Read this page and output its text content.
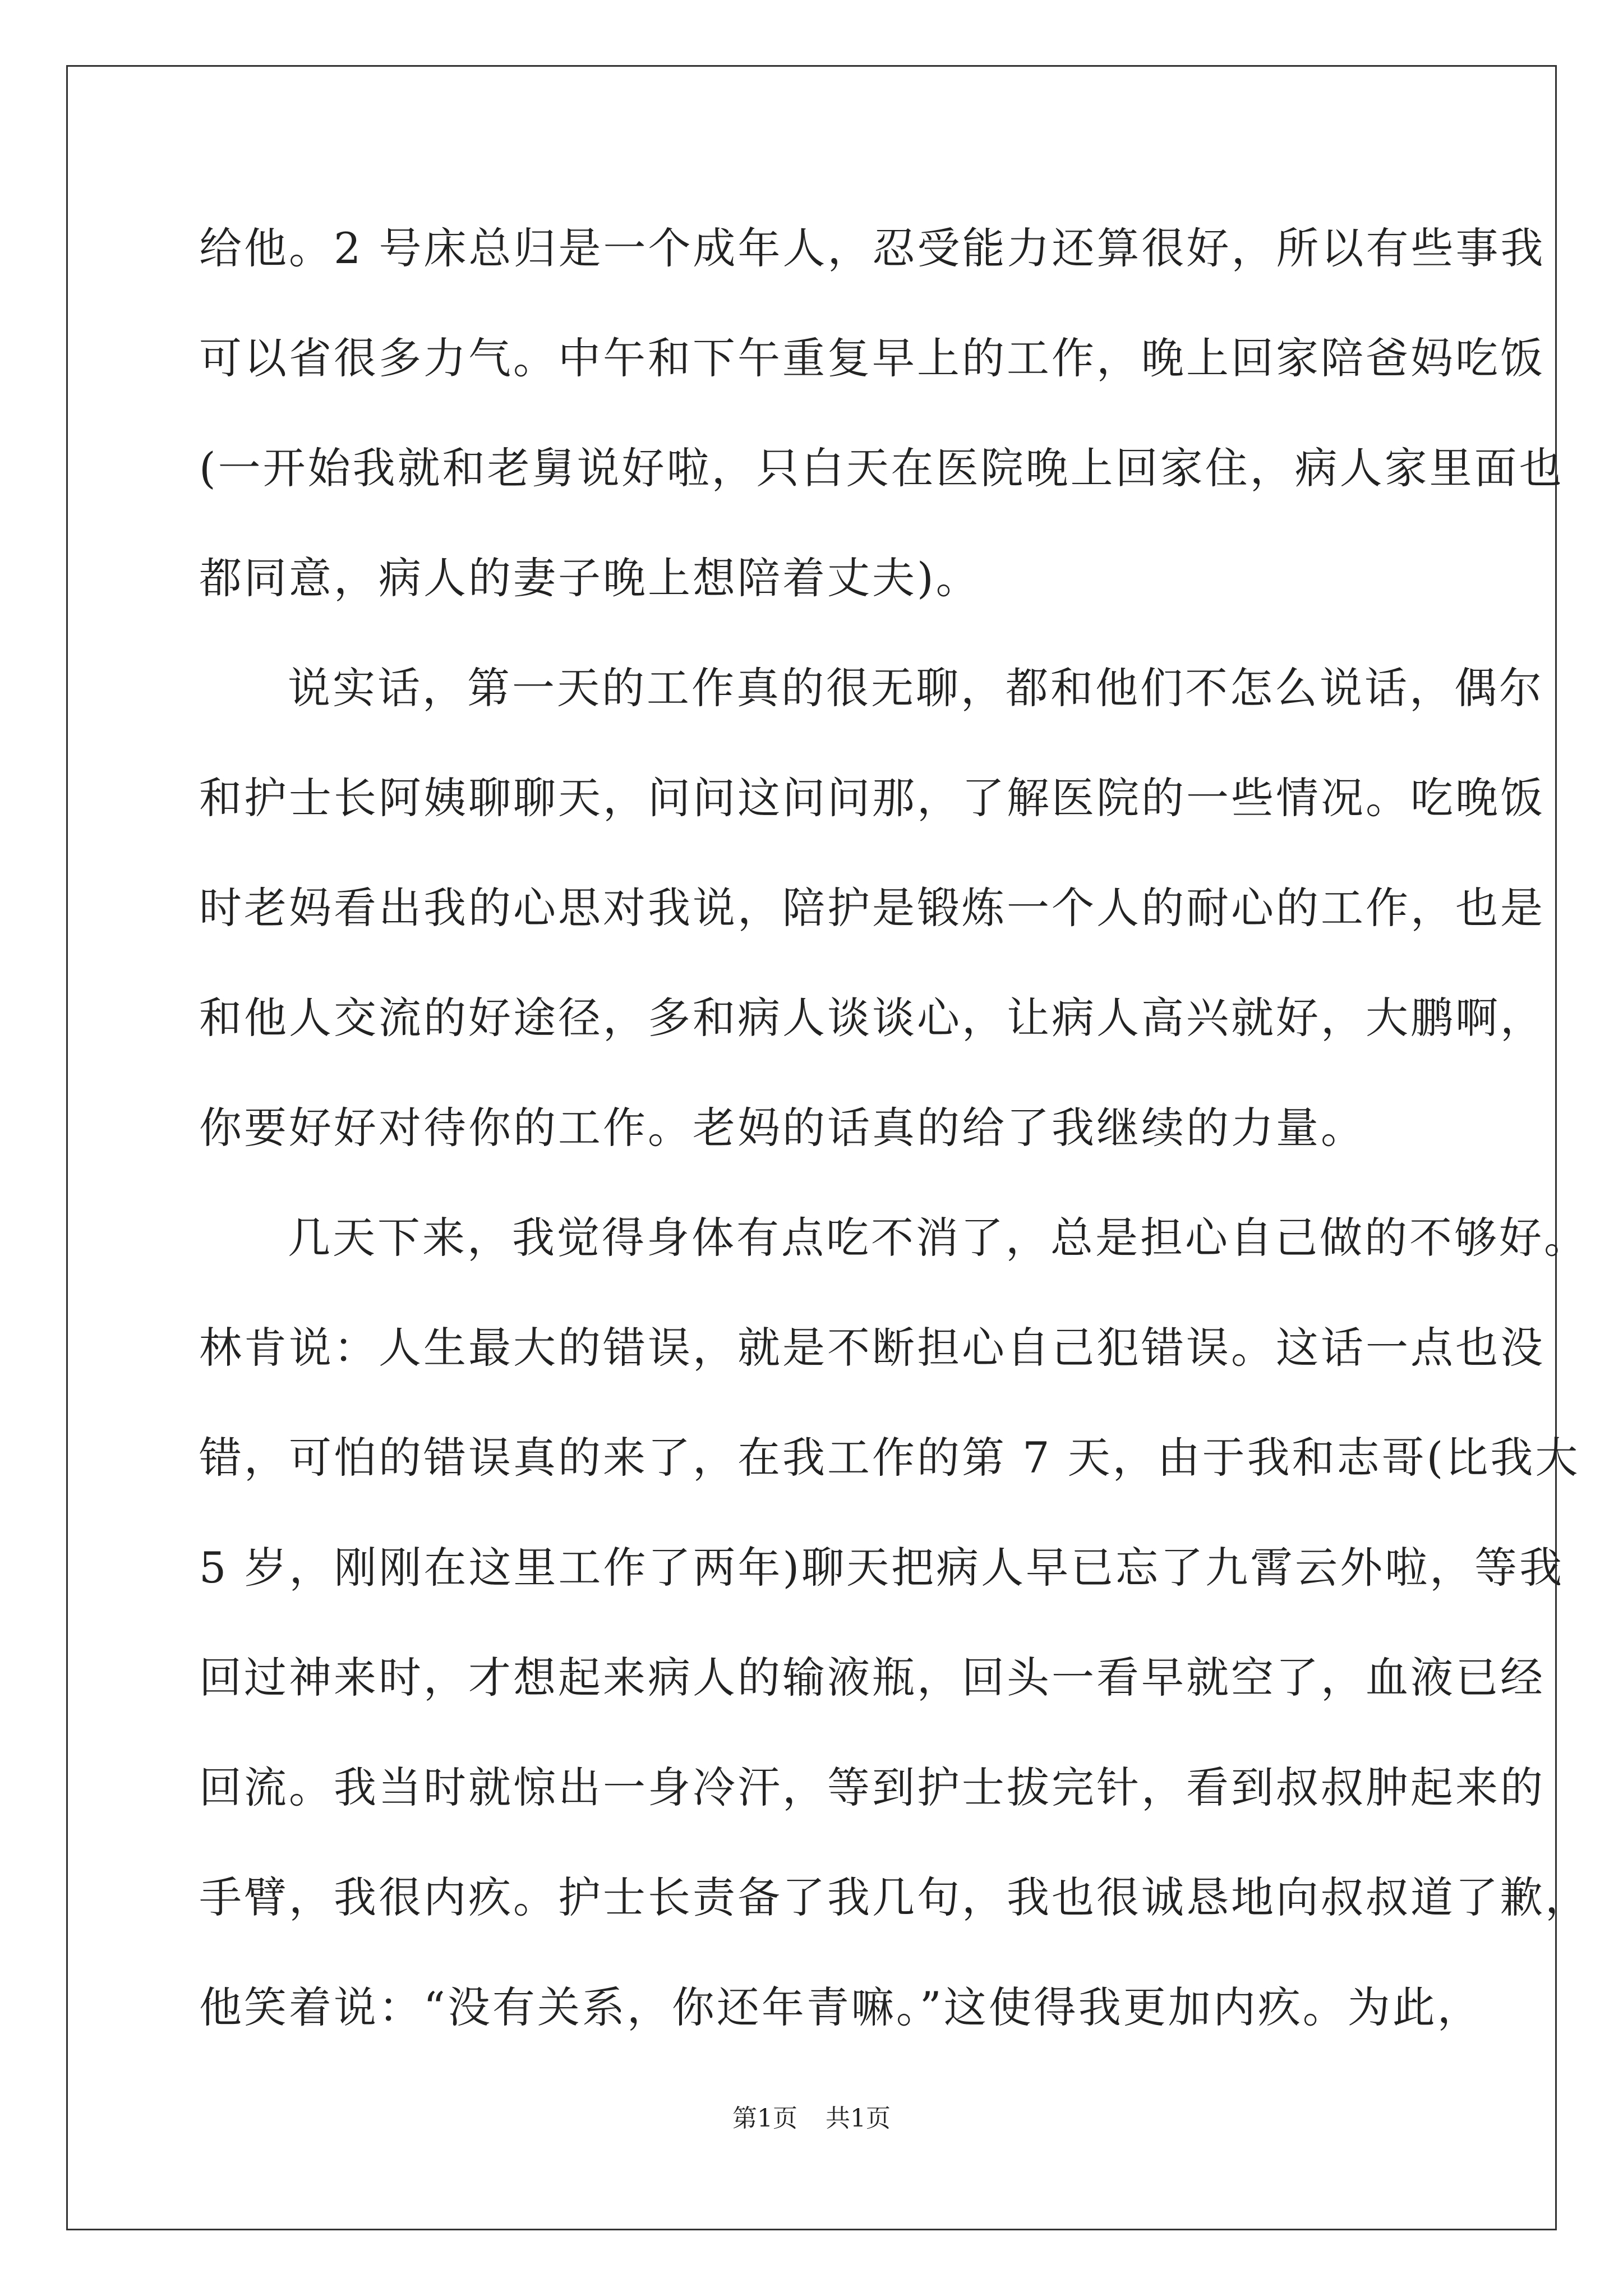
给他。2 号床总归是一个成年人，忍受能力还算很好，所以有些事我
可以省很多力气。中午和下午重复早上的工作，晚上回家陪爸妈吃饭
(一开始我就和老舅说好啦，只白天在医院晚上回家住，病人家里面也
都同意，病人的妻子晚上想陪着丈夫)。
说实话，第一天的工作真的很无聊，都和他们不怎么说话，偶尔
和护士长阿姨聊聊天，问问这问问那，了解医院的一些情况。吃晚饭
时老妈看出我的心思对我说，陪护是锻炼一个人的耐心的工作，也是
和他人交流的好途径，多和病人谈谈心，让病人高兴就好，大鹏啊，
你要好好对待你的工作。老妈的话真的给了我继续的力量。
几天下来，我觉得身体有点吃不消了，总是担心自己做的不够好。
林肯说：人生最大的错误，就是不断担心自己犯错误。这话一点也没
错，可怕的错误真的来了，在我工作的第 7 天，由于我和志哥(比我大
5 岁，刚刚在这里工作了两年)聊天把病人早已忘了九霄云外啦，等我
回过神来时，才想起来病人的输液瓶，回头一看早就空了，血液已经
回流。我当时就惊出一身冷汗，等到护士拔完针，看到叔叔肿起来的
手臂，我很内疚。护士长责备了我几句，我也很诚恳地向叔叔道了歉，
他笑着说：“没有关系，你还年青嘛。”这使得我更加内疚。为此，
第1页 共1页
